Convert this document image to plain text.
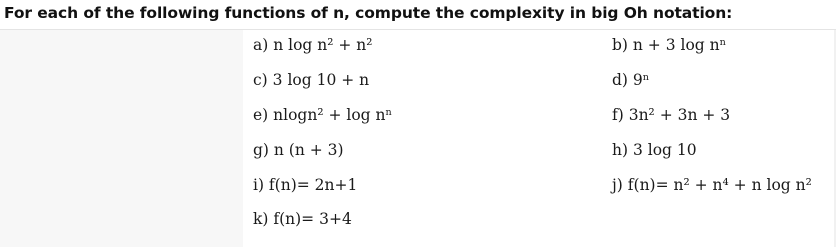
For each of the following functions of n, compute the complexity in big Oh notation:
a) n log n² + n²	b) n + 3 log nⁿ
c) 3 log 10 + n	d) 9ⁿ
e) nlogn² + log nⁿ	f) 3n² + 3n + 3
g) n (n + 3)	h) 3 log 10
i) f(n)= 2n+1	j) f(n)= n² + n⁴ + n log n²
k) f(n)= 3+4
